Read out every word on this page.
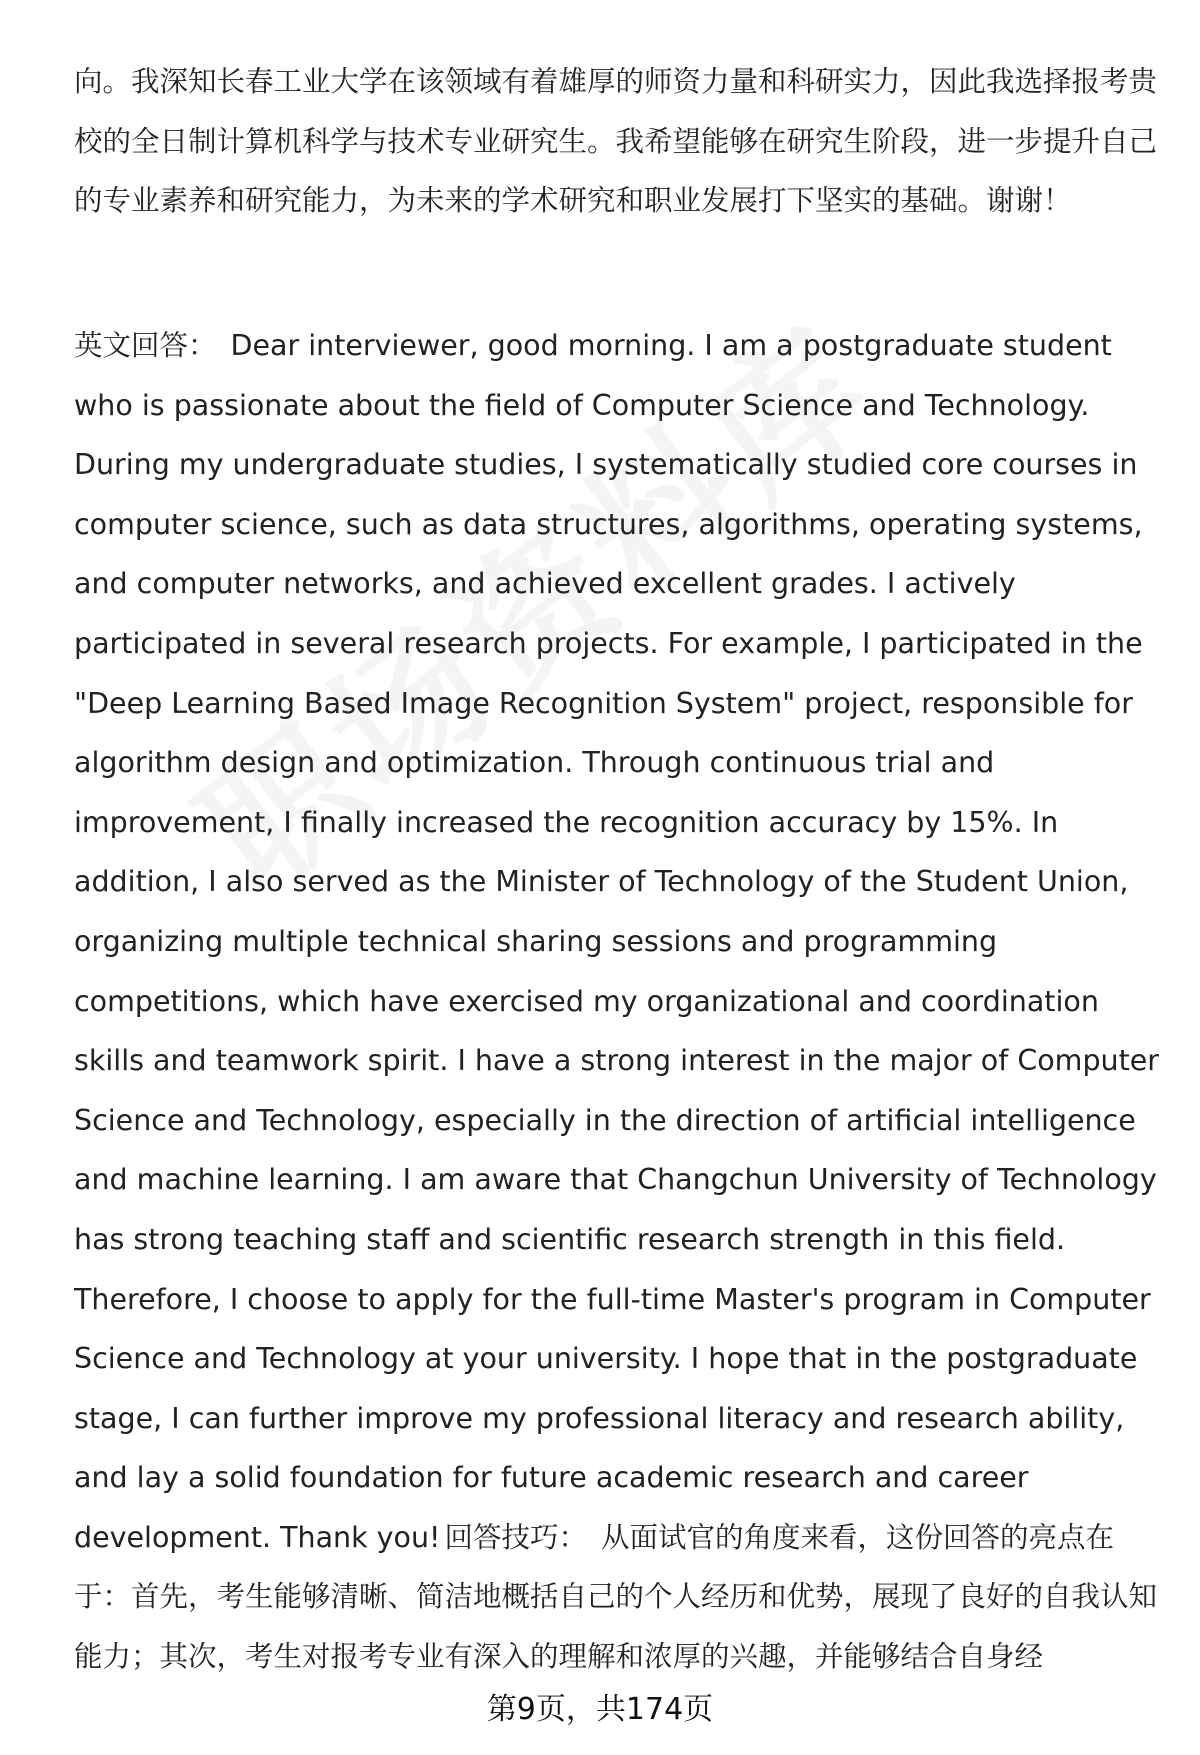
向。我深知长春工业大学在该领域有着雄厚的师资力量和科研实力，因此我选择报考贵校的全日制计算机科学与技术专业研究生。我希望能够在研究生阶段，进一步提升自己的专业素养和研究能力，为未来的学术研究和职业发展打下坚实的基础。谢谢！

英文回答： Dear interviewer, good morning. I am a postgraduate student who is passionate about the field of Computer Science and Technology. During my undergraduate studies, I systematically studied core courses in computer science, such as data structures, algorithms, operating systems, and computer networks, and achieved excellent grades. I actively participated in several research projects. For example, I participated in the "Deep Learning Based Image Recognition System" project, responsible for algorithm design and optimization. Through continuous trial and improvement, I finally increased the recognition accuracy by 15%. In addition, I also served as the Minister of Technology of the Student Union, organizing multiple technical sharing sessions and programming competitions, which have exercised my organizational and coordination skills and teamwork spirit. I have a strong interest in the major of Computer Science and Technology, especially in the direction of artificial intelligence and machine learning. I am aware that Changchun University of Technology has strong teaching staff and scientific research strength in this field. Therefore, I choose to apply for the full-time Master's program in Computer Science and Technology at your university. I hope that in the postgraduate stage, I can further improve my professional literacy and research ability, and lay a solid foundation for future academic research and career development. Thank you! 回答技巧： 从面试官的角度来看，这份回答的亮点在于：首先，考生能够清晰、简洁地概括自己的个人经历和优势，展现了良好的自我认知能力；其次，考生对报考专业有深入的理解和浓厚的兴趣，并能够结合自身经

第9页，共174页
